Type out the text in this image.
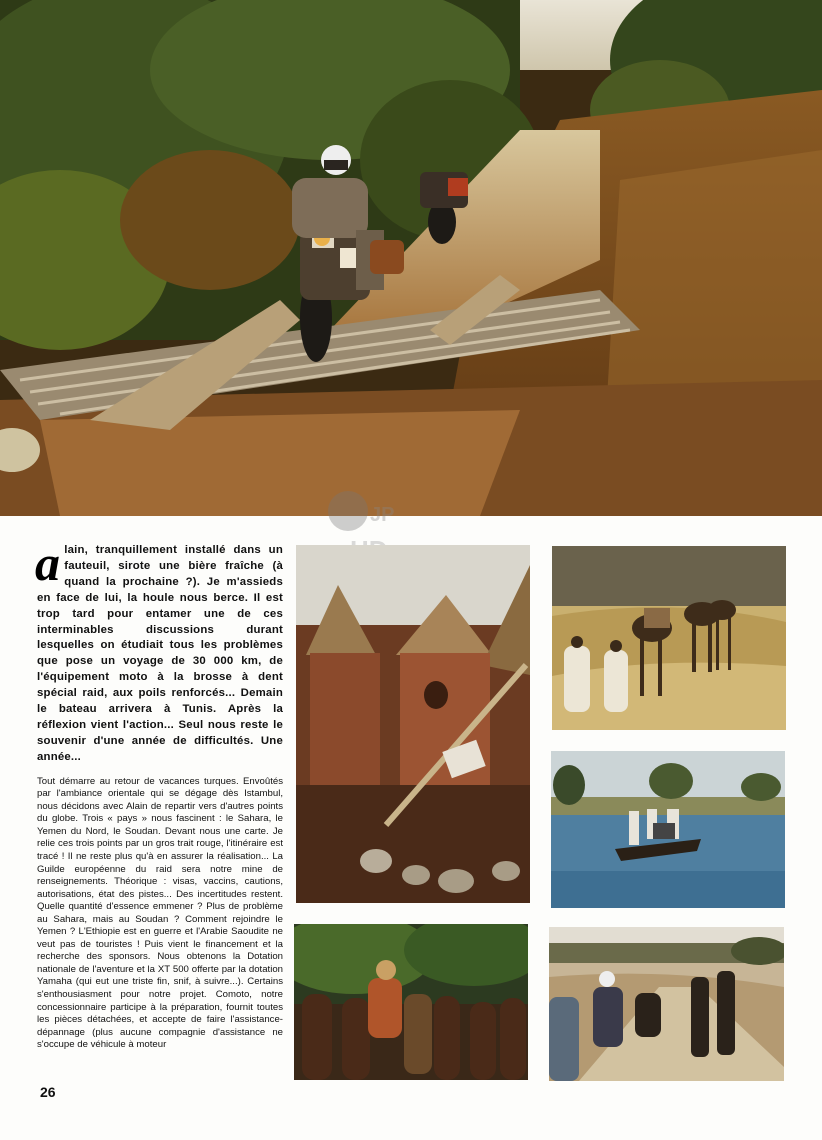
JP

alain, tranquillement installé dans un fauteuil, sirote une bière fraîche (à quand la prochaine ?). Je m'assieds en face de lui, la houle nous berce. Il est trop tard pour entamer une de ces interminables discussions durant lesquelles on étudiait tous les problèmes que pose un voyage de 30 000 km, de l'équipement moto à la brosse à dent spécial raid, aux poils renforcés... Demain le bateau arrivera à Tunis. Après la réflexion vient l'action... Seul nous reste le souvenir d'une année de difficultés. Une année...

Tout démarre au retour de vacances turques. Envoûtés par l'ambiance orientale qui se dégage dès Istambul, nous décidons avec Alain de repartir vers d'autres points du globe. Trois « pays » nous fascinent : le Sahara, le Yemen du Nord, le Soudan. Devant nous une carte. Je relie ces trois points par un gros trait rouge, l'itinéraire est tracé ! Il ne reste plus qu'à en assurer la réalisation... La Guilde européenne du raid sera notre mine de renseignements. Théorique : visas, vaccins, cautions, autorisations, état des pistes... Des incertitudes restent. Quelle quantité d'essence emmener ? Plus de problème au Sahara, mais au Soudan ? Comment rejoindre le Yemen ? L'Ethiopie est en guerre et l'Arabie Saoudite ne veut pas de touristes ! Puis vient le financement et la recherche des sponsors. Nous obtenons la Dotation nationale de l'aventure et la XT 500 offerte par la dotation Yamaha (qui eut une triste fin, snif, à suivre...). Certains s'enthousiasment pour notre projet. Comoto, notre concessionnaire participe à la préparation, fournit toutes les pièces détachées, et accepte de faire l'assistance-dépannage (plus aucune compagnie d'assistance ne s'occupe de véhicule à moteur

26
